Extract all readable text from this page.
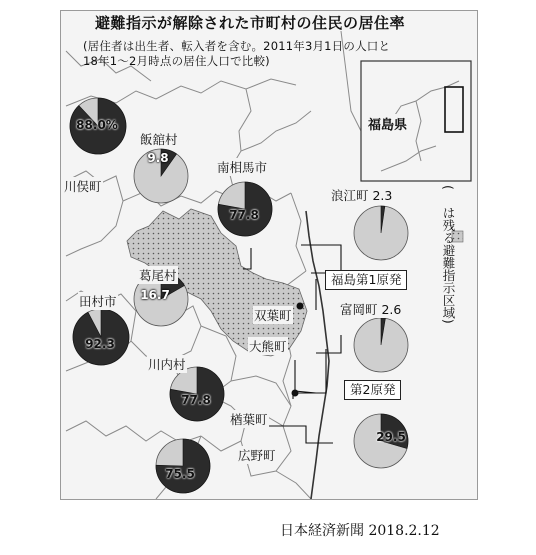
避難指示が解除された市町村の住民の居住率
(居住者は出生者、転入者を含む。2011年3月1日の人口と
18年1～2月時点の居住人口で比較)
福島県
(　 は残る避難指示区域)
川俣町
飯舘村
南相馬市
浪江町 2.3
葛尾村
田村市
富岡町 2.6
川内村
双葉町
大熊町
楢葉町
広野町
福島第1原発
第2原発
88.0%
9.8
77.8
16.7
92.3
77.8
29.5
75.5
日本経済新聞 2018.2.12
